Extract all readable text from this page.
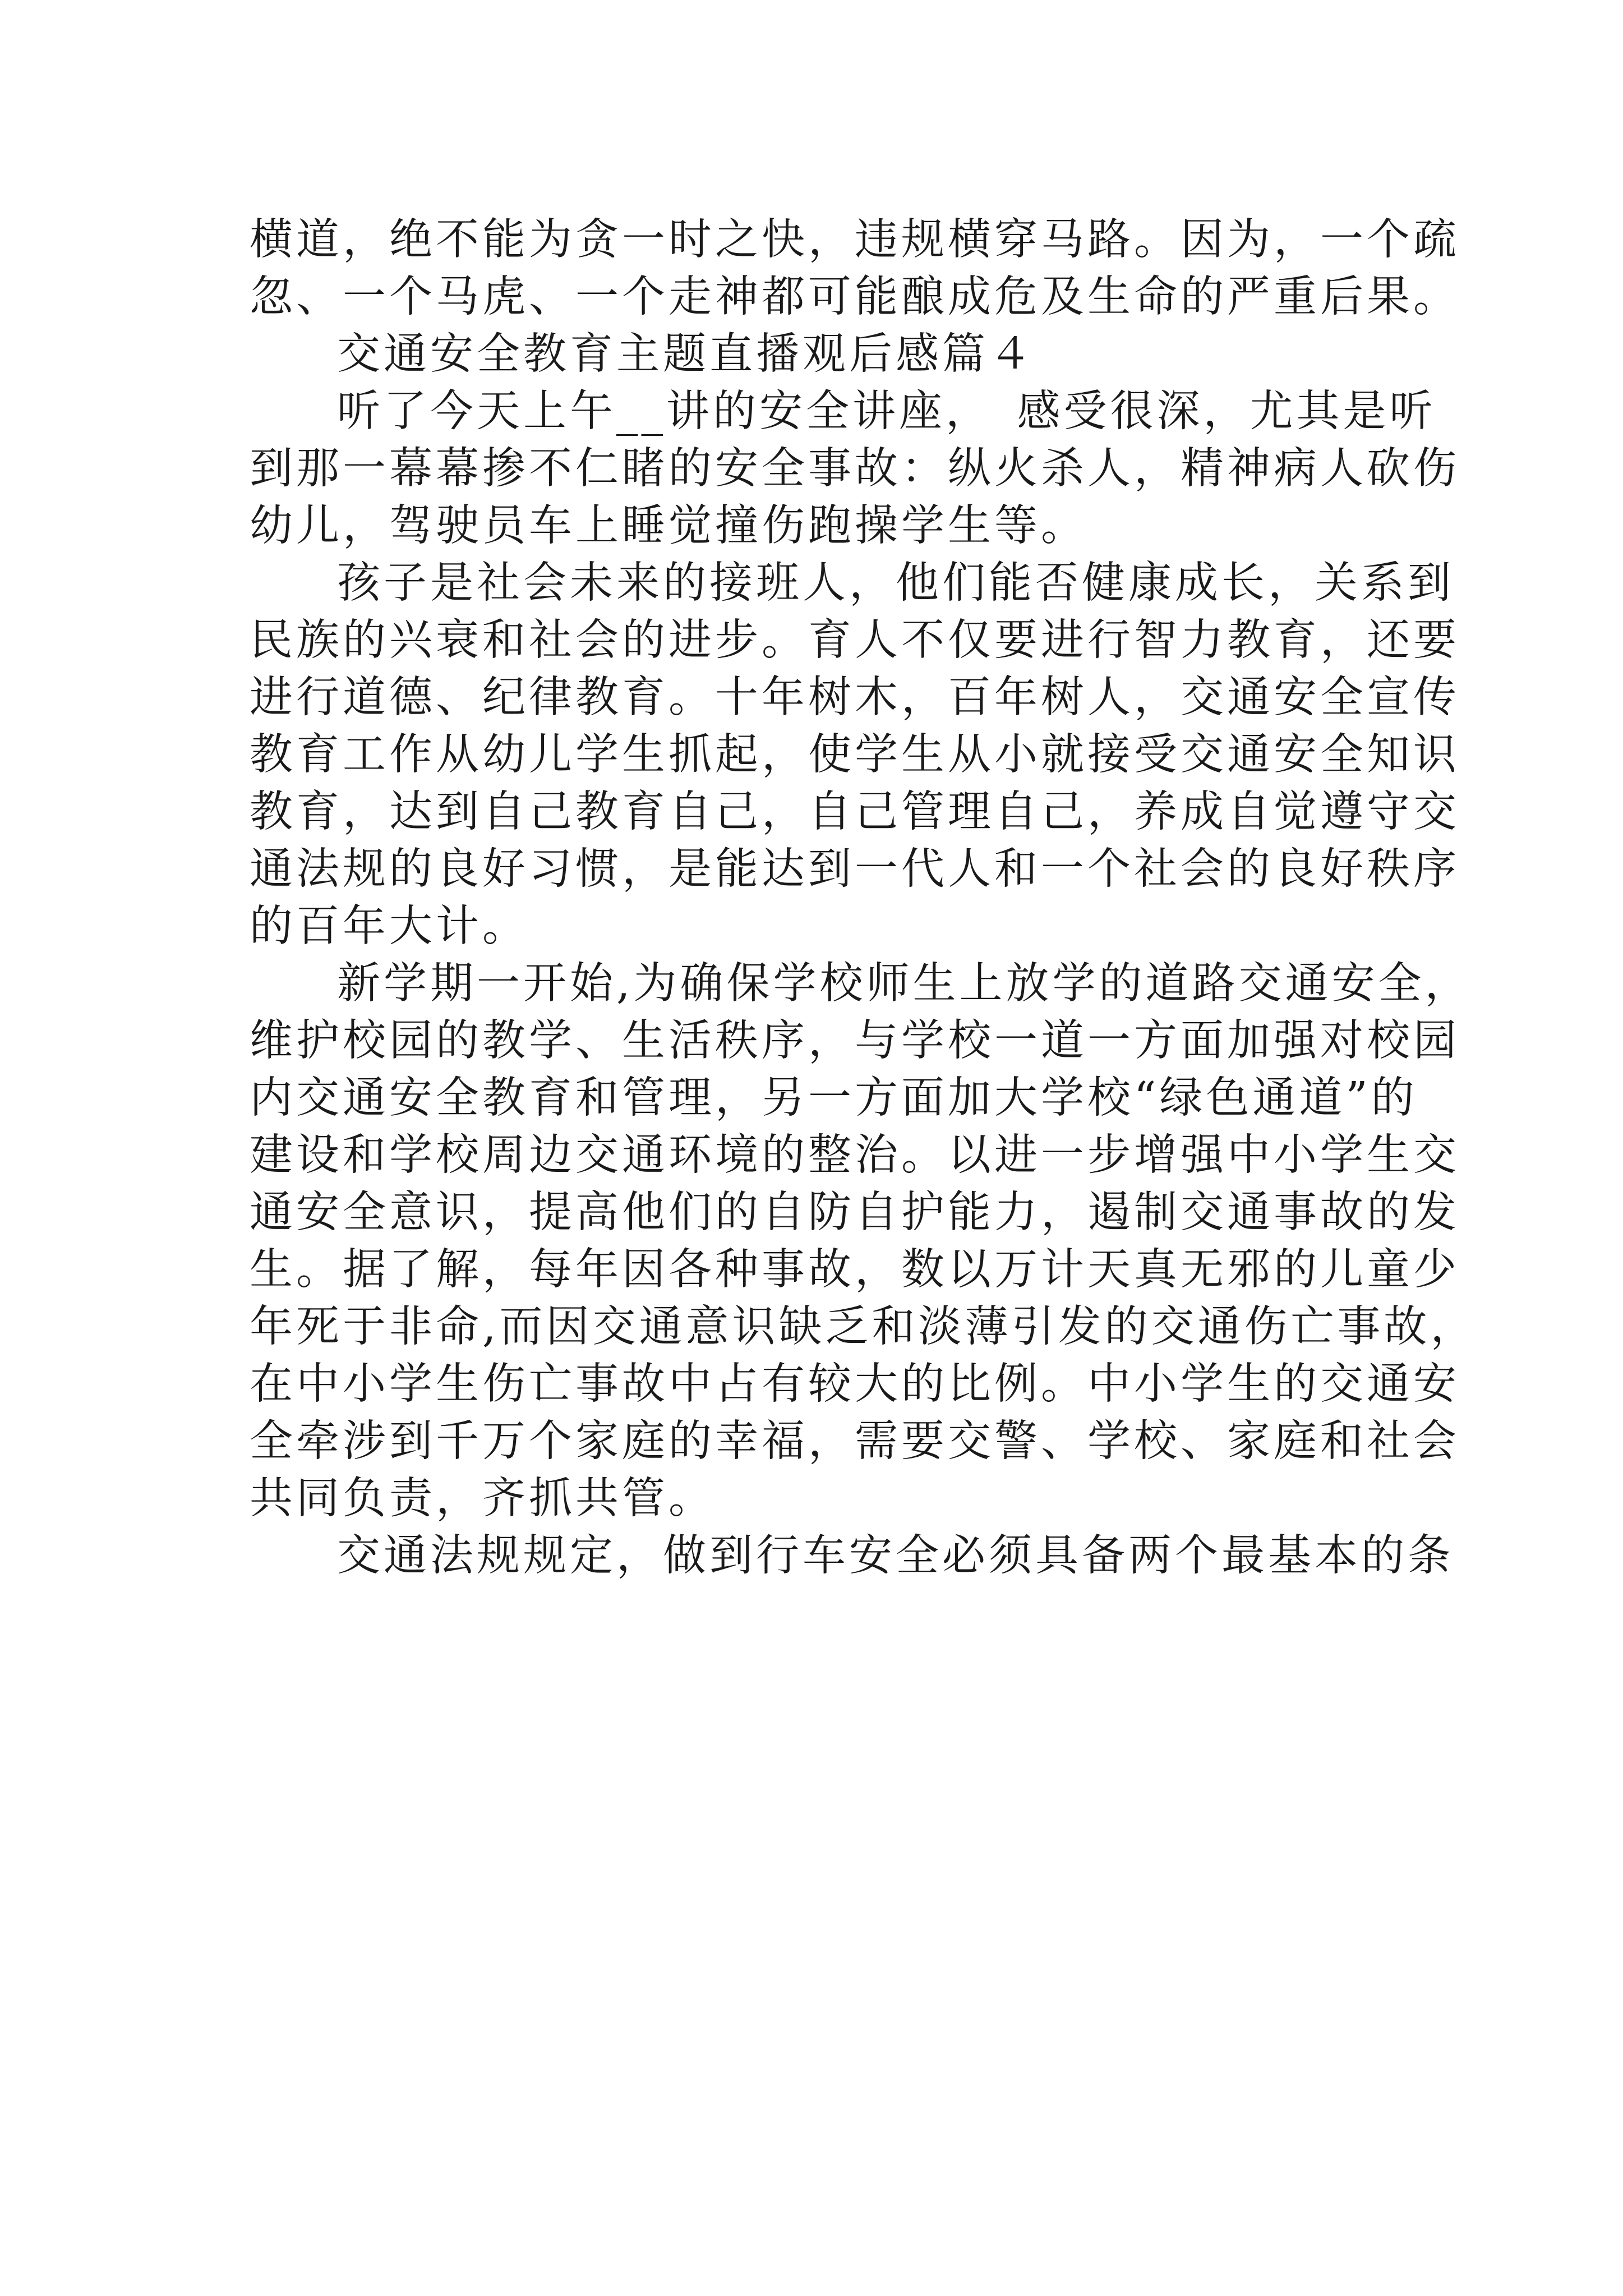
横道，绝不能为贪一时之快，违规横穿马路。因为，一个疏
忽、一个马虎、一个走神都可能酿成危及生命的严重后果。
交通安全教育主题直播观后感篇４
听了今天上午__讲的安全讲座，　感受很深，尤其是听
到那一幕幕掺不仁睹的安全事故：纵火杀人，精神病人砍伤
幼儿，驾驶员车上睡觉撞伤跑操学生等。
孩子是社会未来的接班人，他们能否健康成长，关系到
民族的兴衰和社会的进步。育人不仅要进行智力教育，还要
进行道德、纪律教育。十年树木，百年树人，交通安全宣传
教育工作从幼儿学生抓起，使学生从小就接受交通安全知识
教育，达到自己教育自己，自己管理自己，养成自觉遵守交
通法规的良好习惯，是能达到一代人和一个社会的良好秩序
的百年大计。
新学期一开始,为确保学校师生上放学的道路交通安全，
维护校园的教学、生活秩序，与学校一道一方面加强对校园
内交通安全教育和管理，另一方面加大学校“绿色通道”的
建设和学校周边交通环境的整治。以进一步增强中小学生交
通安全意识，提高他们的自防自护能力，遏制交通事故的发
生。据了解，每年因各种事故，数以万计天真无邪的儿童少
年死于非命,而因交通意识缺乏和淡薄引发的交通伤亡事故，
在中小学生伤亡事故中占有较大的比例。中小学生的交通安
全牵涉到千万个家庭的幸福，需要交警、学校、家庭和社会
共同负责，齐抓共管。
交通法规规定，做到行车安全必须具备两个最基本的条
